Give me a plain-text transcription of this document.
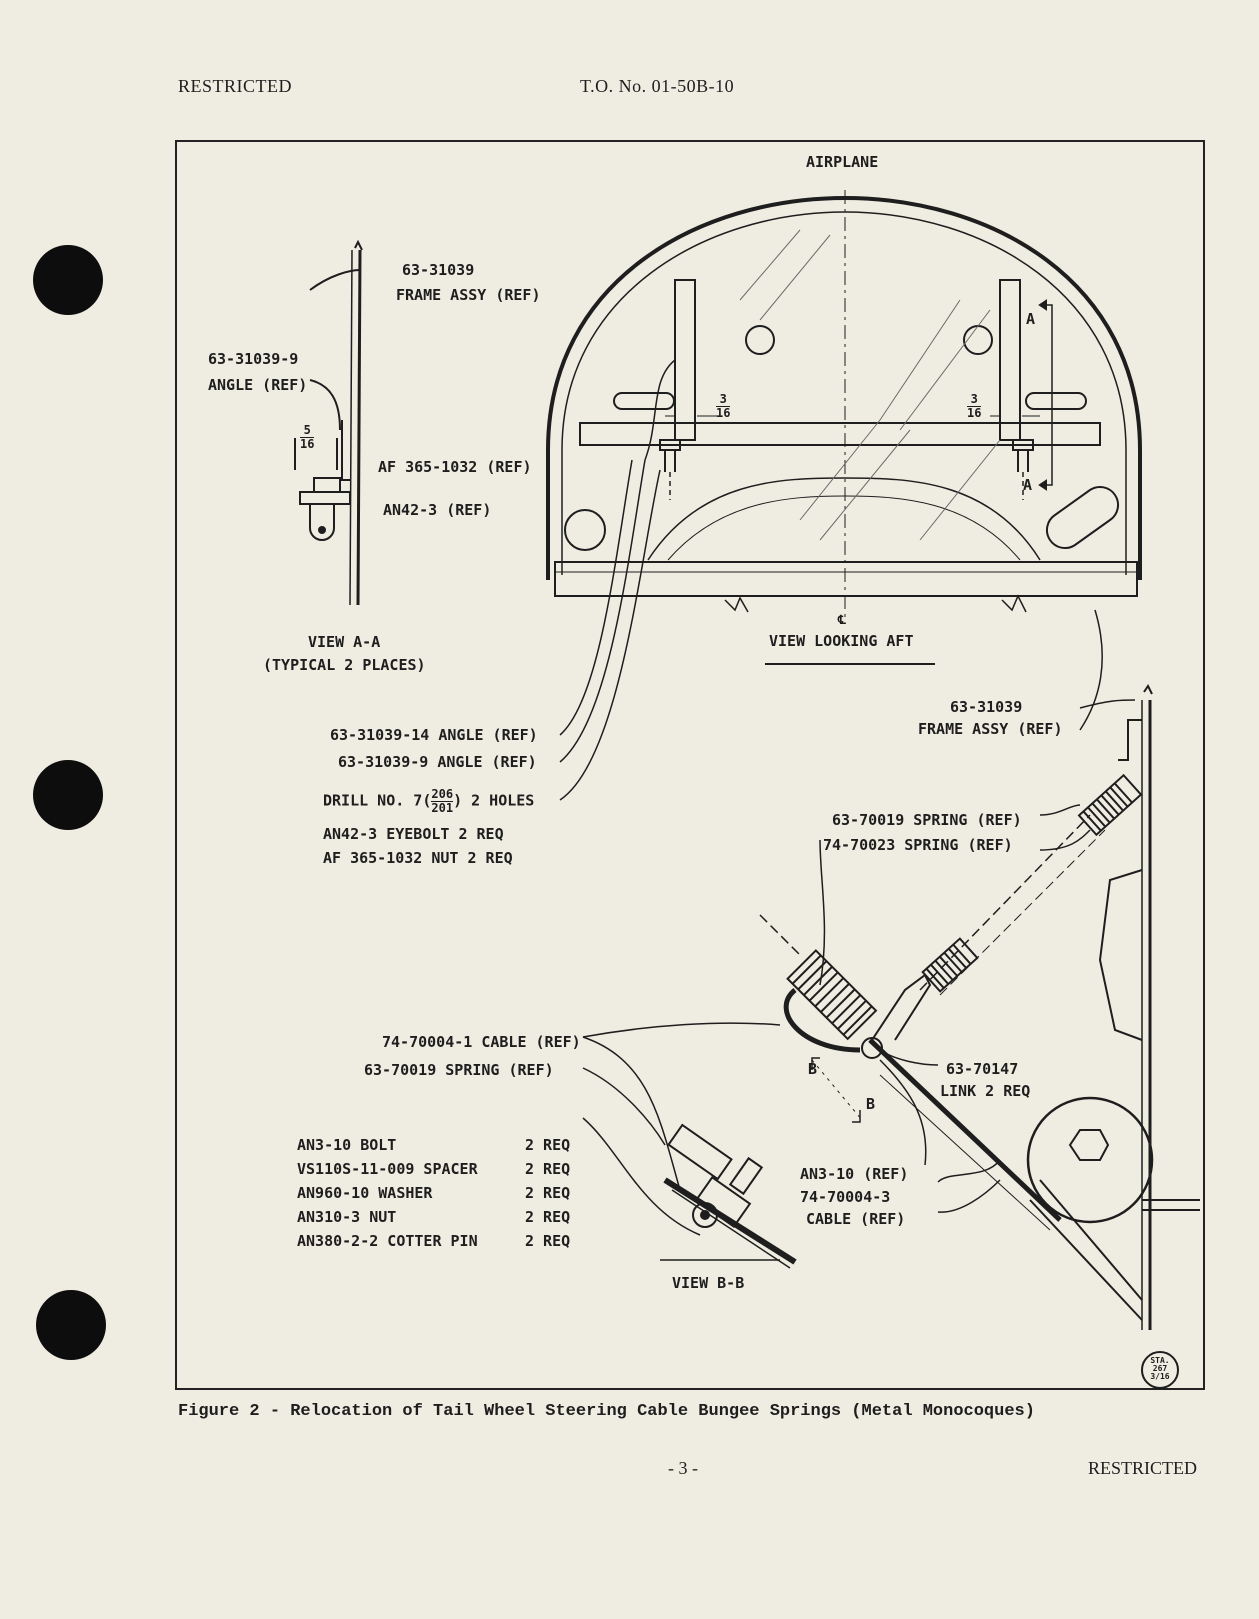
RESTRICTED	T.O. No. 01-50B-10
63-31039
FRAME ASSY (REF)
63-31039-9
ANGLE (REF)
$\frac{5}{16}$
AF 365-1032 (REF)
AN42-3 (REF)
VIEW A-A
(TYPICAL 2 PLACES)
AIRPLANE
$\frac{3}{16}$	$\frac{3}{16}$
A
A
℄
VIEW LOOKING AFT
63-31039-14 ANGLE (REF)
63-31039-9 ANGLE (REF)
DRILL NO. $7( \frac{206}{201}$ ) 2 HOLES
AN42-3 EYEBOLT 2 REQ
AF 365-1032 NUT 2 REQ
63-31039
FRAME ASSY (REF)
63-70019 SPRING (REF)
74-70023 SPRING (REF)
74-70004-1 CABLE (REF)
63-70019 SPRING (REF)	63-70147
LINK 2 REQ
B
B
AN3-10 (REF)
74-70004-3
CABLE (REF)
STA. 267 3/16
AN3-10 BOLT	2 REQ
VS110S-11-009 SPACER	2 REQ
AN960-10 WASHER	2 REQ
AN310-3 NUT	2 REQ
AN380-2-2 COTTER PIN	2 REQ
VIEW B-B
Figure 2 - Relocation of Tail Wheel Steering Cable Bungee Springs (Metal Monocoques)
- 3 -	RESTRICTED
